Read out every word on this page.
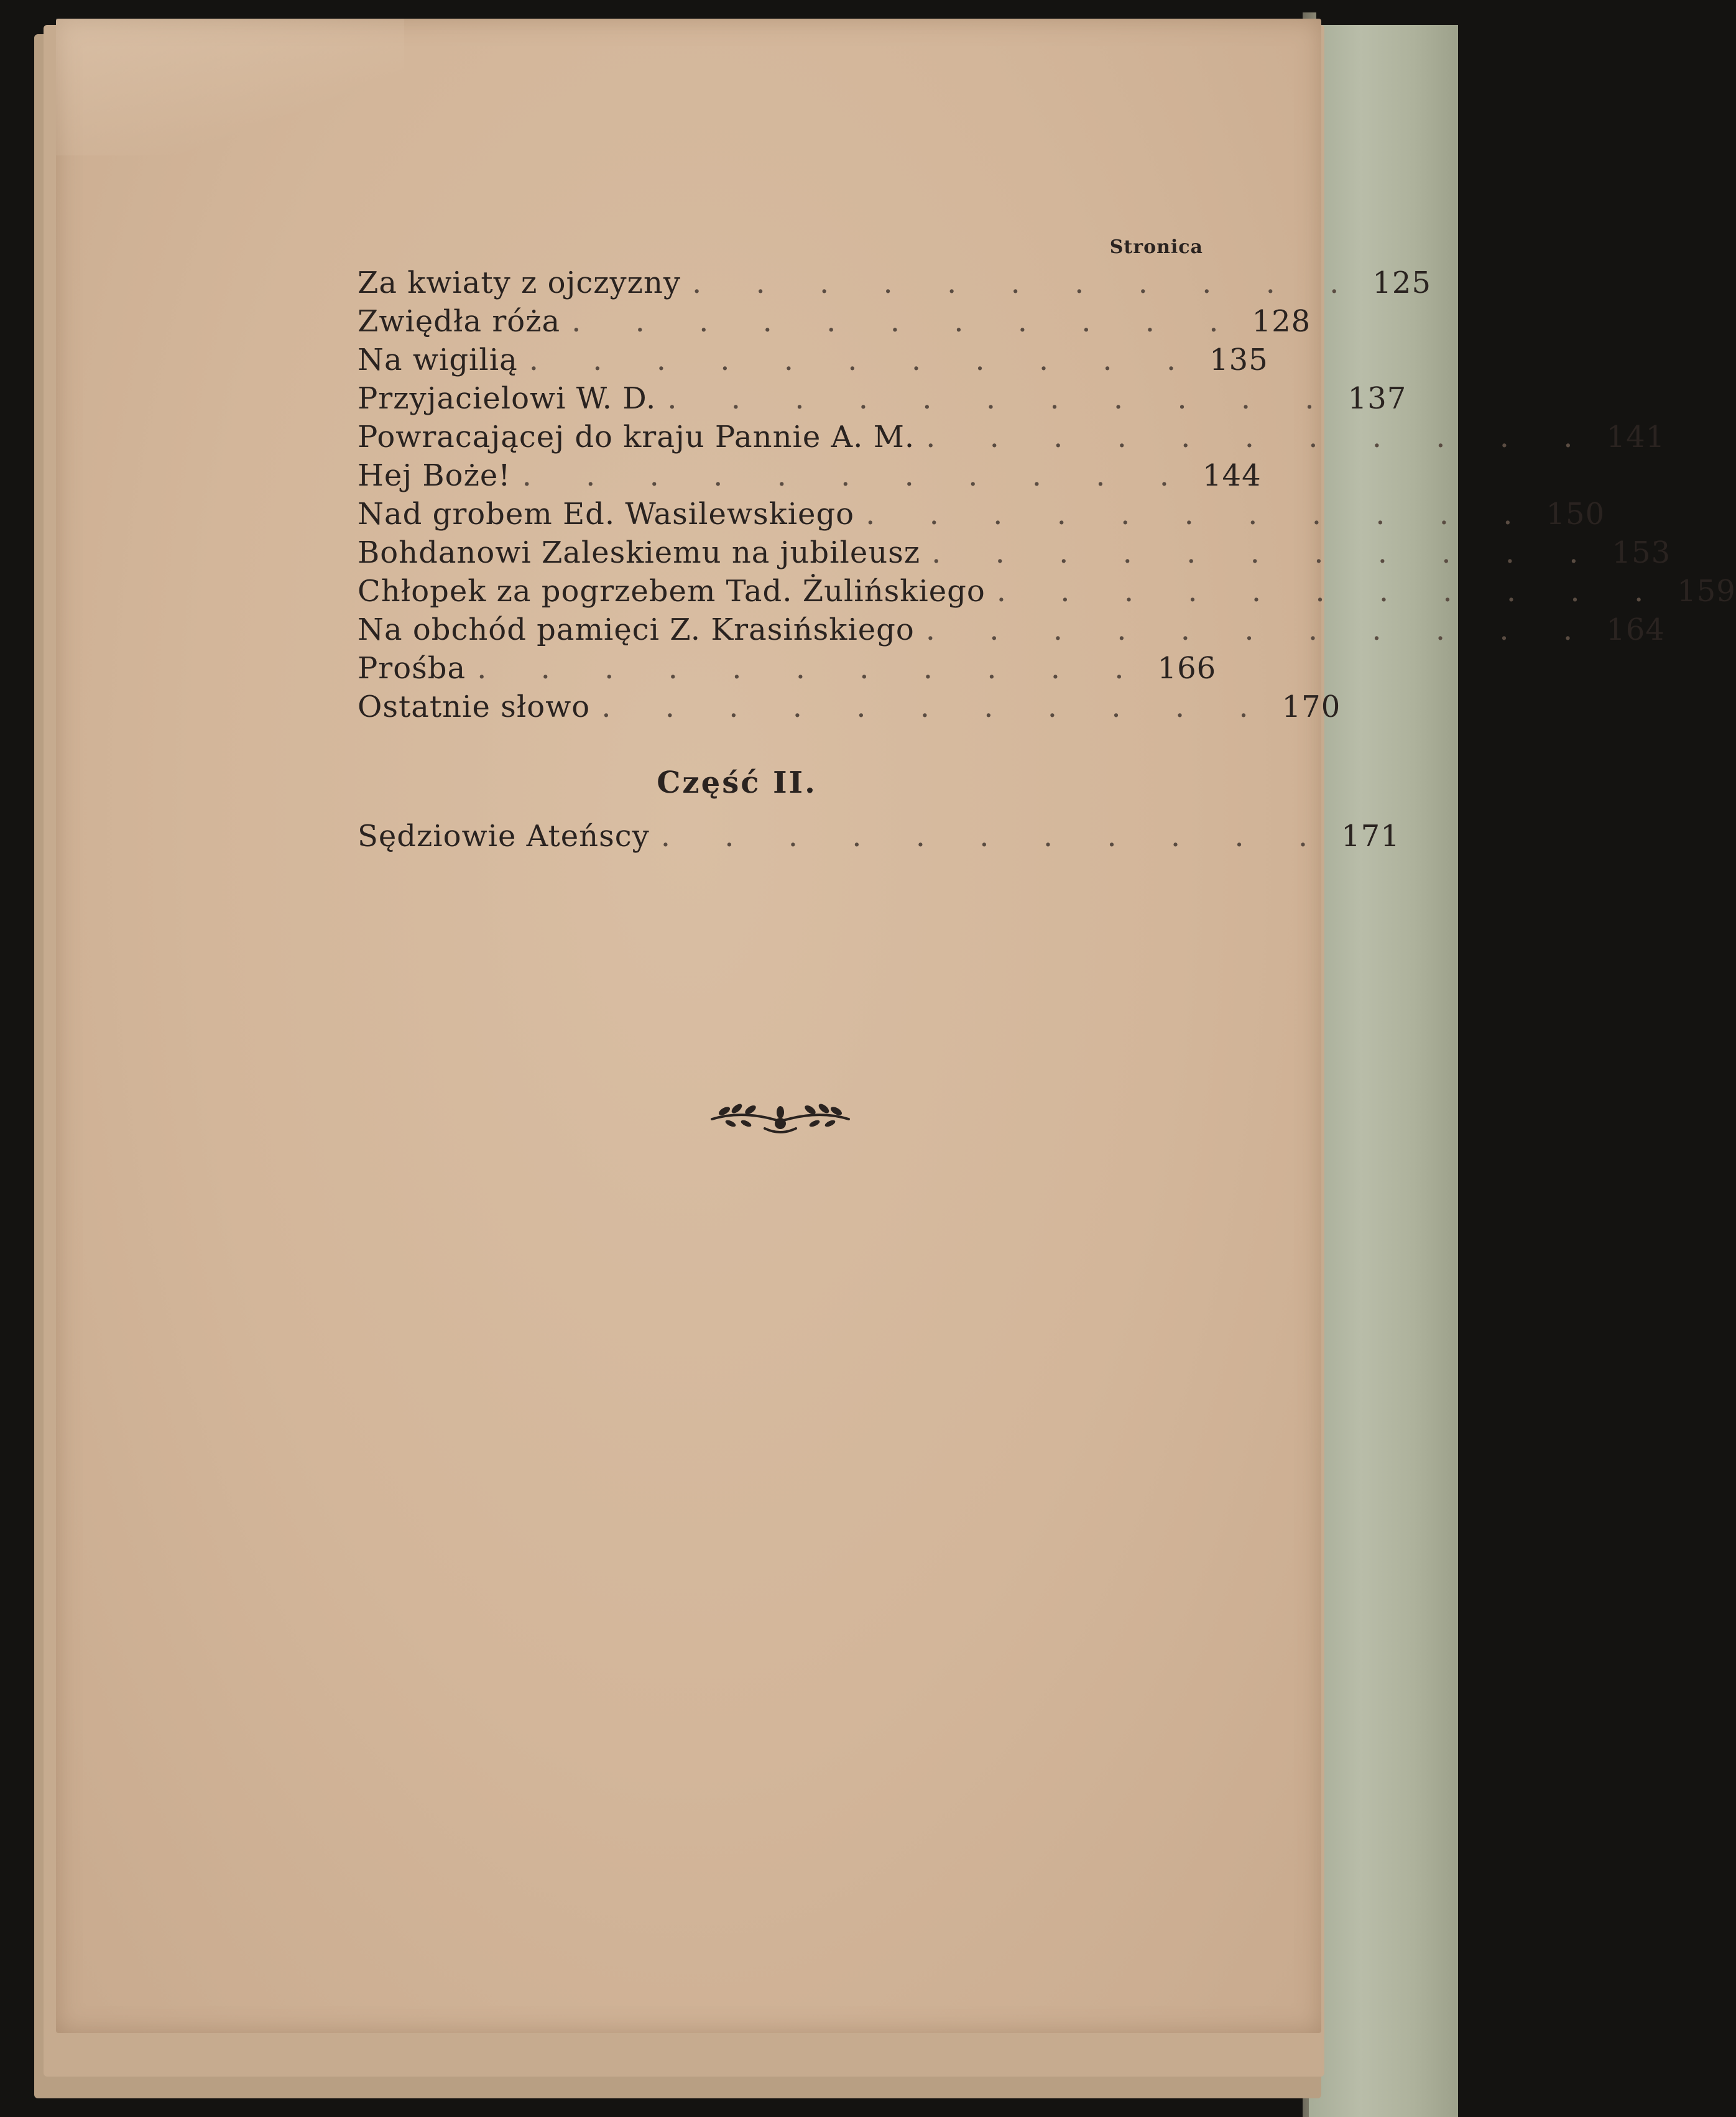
Stronica
Za kwiaty z ojczyzny . . . . . . . . . . . 125
Zwiędła róża . . . . . . . . . . . 128
Na wigilią . . . . . . . . . . . 135
Przyjacielowi W. D. . . . . . . . . . . . 137
Powracającej do kraju Pannie A. M. . . . . . . . . . . . 141
Hej Boże! . . . . . . . . . . . 144
Nad grobem Ed. Wasilewskiego . . . . . . . . . . . 150
Bohdanowi Zaleskiemu na jubileusz . . . . . . . . . . . 153
Chłopek za pogrzebem Tad. Żulińskiego . . . . . . . . . . . 159
Na obchód pamięci Z. Krasińskiego . . . . . . . . . . . 164
Prośba . . . . . . . . . . . 166
Ostatnie słowo . . . . . . . . . . . 170
Część II.
Sędziowie Ateńscy . . . . . . . . . . . 171
